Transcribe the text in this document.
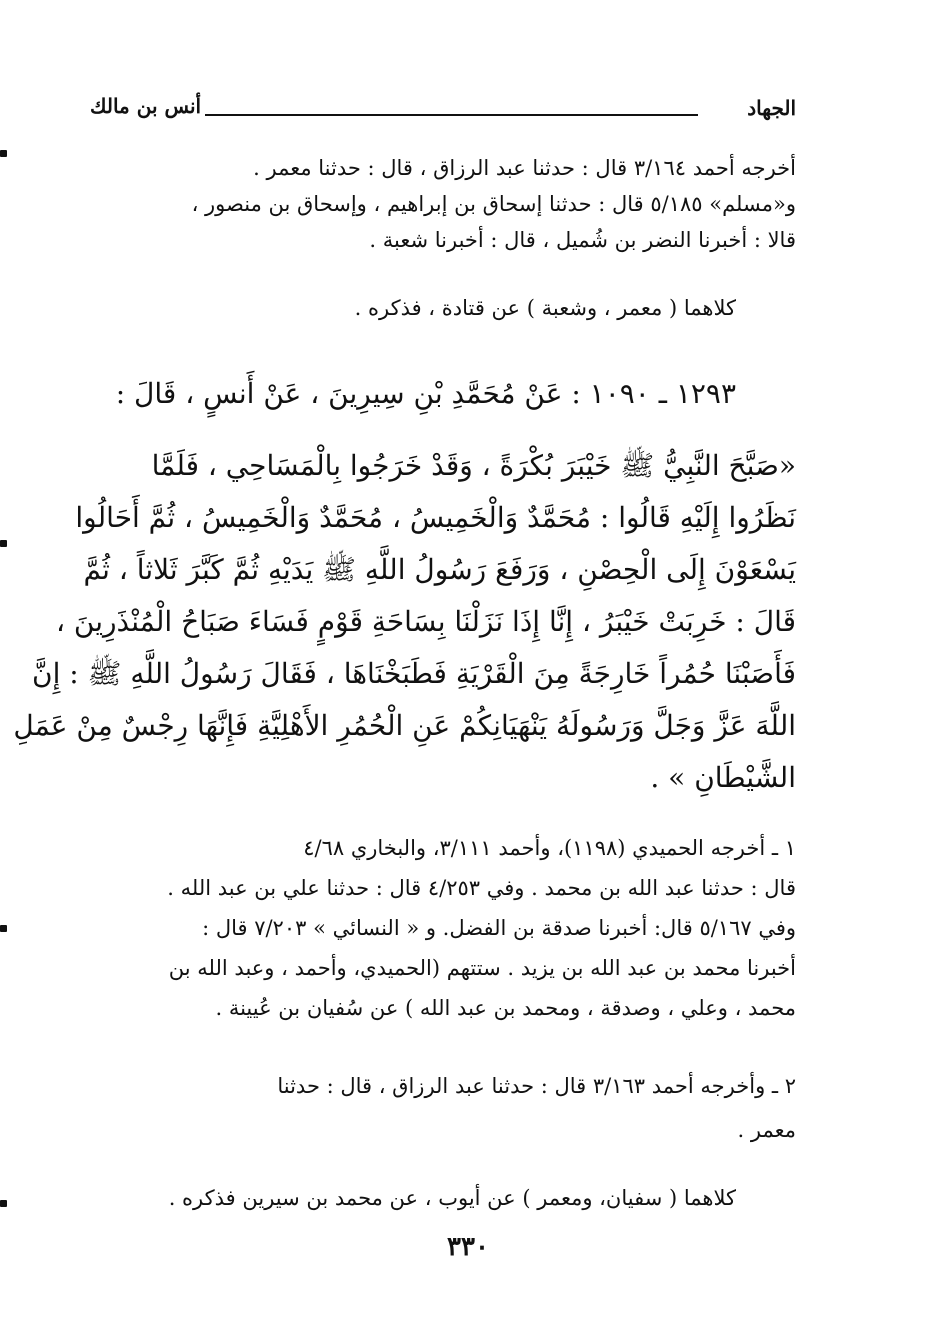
الجهاد
أنس بن مالك
أخرجه أحمد ٣/١٦٤ قال : حدثنا عبد الرزاق ، قال : حدثنا معمر .
و«مسلم» ٥/١٨٥ قال : حدثنا إسحاق بن إبراهيم ، وإسحاق بن منصور ،
قالا : أخبرنا النضر بن شُميل ، قال : أخبرنا شعبة .
كلاهما ( معمر ، وشعبة ) عن قتادة ، فذكره .
١٢٩٣ ـ ١٠٩٠ : عَنْ مُحَمَّدِ بْنِ سِيرِينَ ، عَنْ أَنسٍ ، قَالَ :
«صَبَّحَ النَّبِيُّ ﷺ خَيْبَرَ بُكْرَةً ، وَقَدْ خَرَجُوا بِالْمَسَاحِي ، فَلَمَّا
نَظَرُوا إِلَيْهِ قَالُوا : مُحَمَّدٌ وَالْخَمِيسُ ، مُحَمَّدٌ وَالْخَمِيسُ ، ثُمَّ أَحَالُوا
يَسْعَوْنَ إِلَى الْحِصْنِ ، وَرَفَعَ رَسُولُ اللَّهِ ﷺ يَدَيْهِ ثُمَّ كَبَّرَ ثَلاثاً ، ثُمَّ
قَالَ : خَرِبَتْ خَيْبَرُ ، إِنَّا إِذَا نَزَلْنَا بِسَاحَةِ قَوْمٍ فَسَاءَ صَبَاحُ الْمُنْذَرِينَ ،
فَأَصَبْنَا حُمُراً خَارِجَةً مِنَ الْقَرْيَةِ فَطَبَخْنَاهَا ، فَقَالَ رَسُولُ اللَّهِ ﷺ : إِنَّ
اللَّهَ عَزَّ وَجَلَّ وَرَسُولَهُ يَنْهَيَانِكُمْ عَنِ الْحُمُرِ الأَهْلِيَّةِ فَإِنَّهَا رِجْسٌ مِنْ عَمَلِ
الشَّيْطَانِ » .
١ ـ أخرجه الحميدي (١١٩٨)، وأحمد ٣/١١١، والبخاري ٤/٦٨
قال : حدثنا عبد الله بن محمد . وفي ٤/٢٥٣ قال : حدثنا علي بن عبد الله .
وفي ٥/١٦٧ قال: أخبرنا صدقة بن الفضل. و « النسائي » ٧/٢٠٣ قال :
أخبرنا محمد بن عبد الله بن يزيد . ستتهم (الحميدي، وأحمد ، وعبد الله بن
محمد ، وعلي ، وصدقة ، ومحمد بن عبد الله ) عن سُفيان بن عُيينة .
٢ ـ وأخرجه أحمد ٣/١٦٣ قال : حدثنا عبد الرزاق ، قال : حدثنا
معمر .
كلاهما ( سفيان، ومعمر ) عن أيوب ، عن محمد بن سيرين فذكره .
٣٣٠
